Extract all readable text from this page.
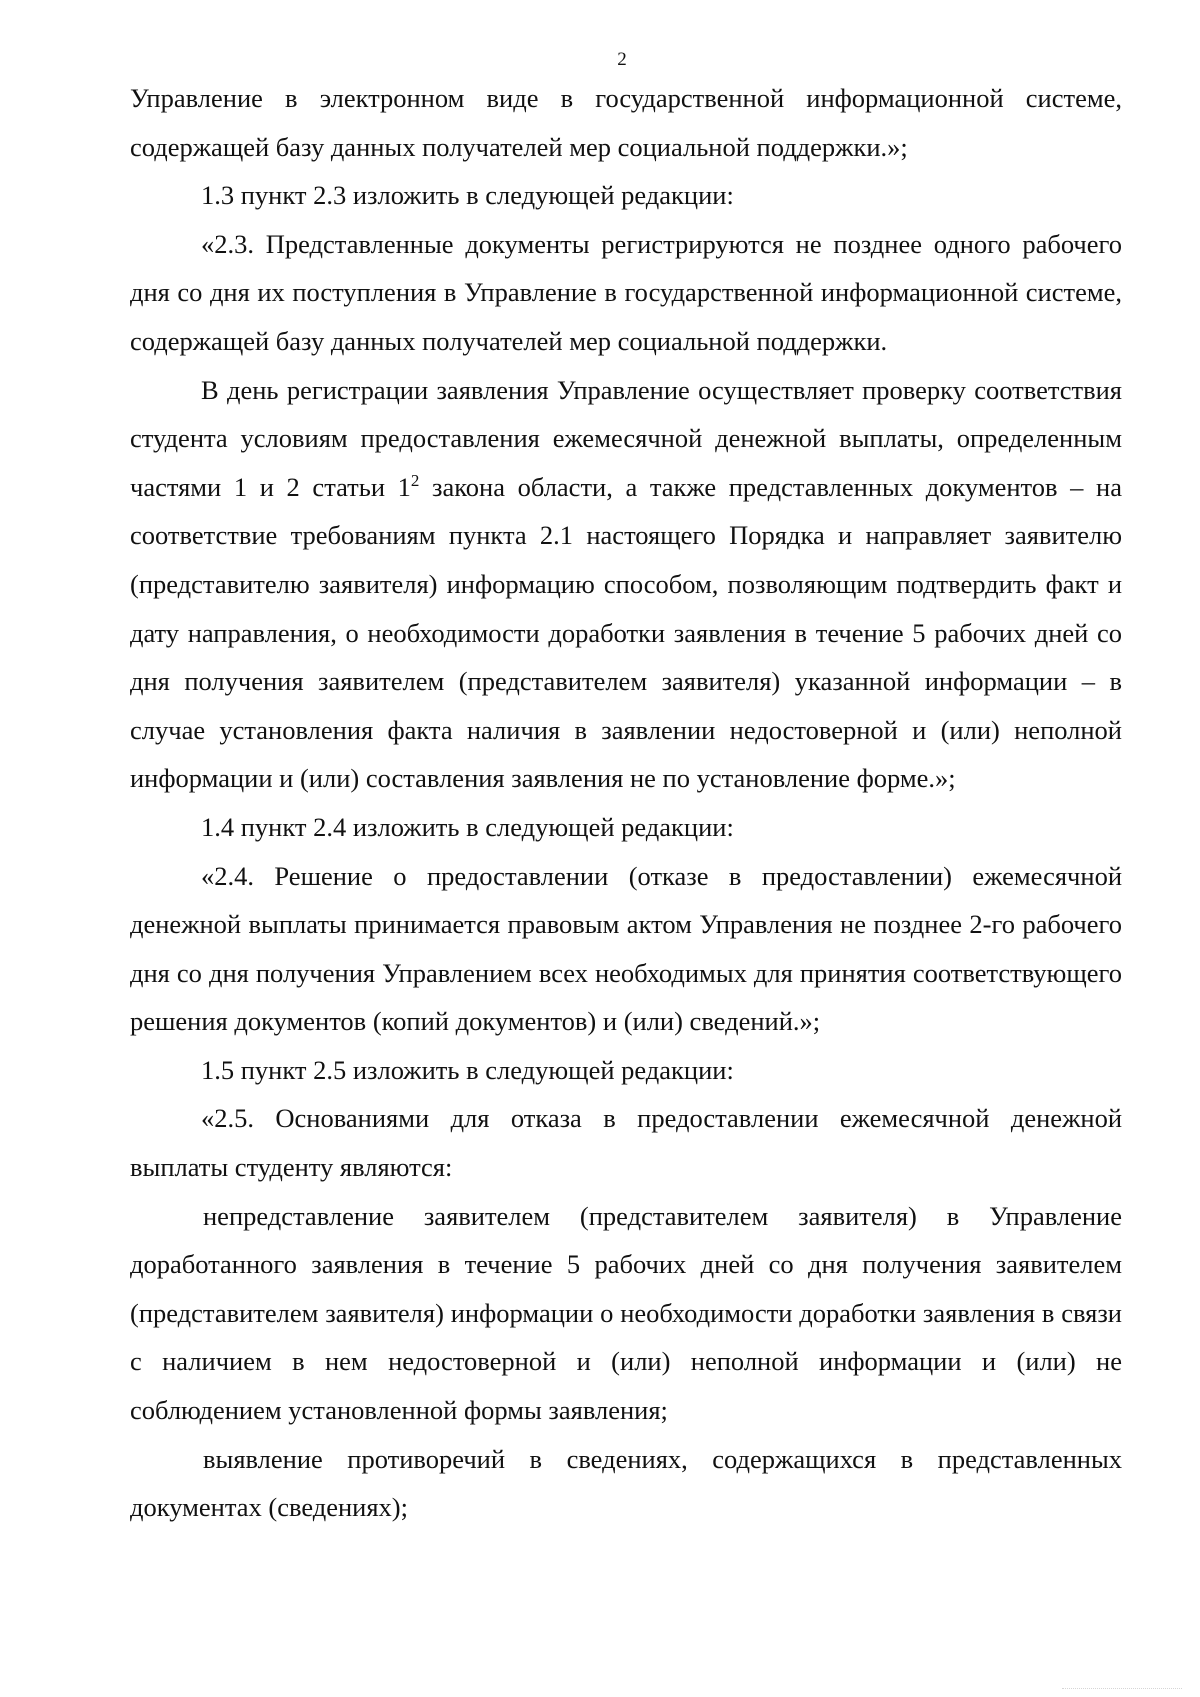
2

Управление в электронном виде в государственной информационной системе, содержащей базу данных получателей мер социальной поддержки.»;

1.3 пункт 2.3 изложить в следующей редакции:

«2.3. Представленные документы регистрируются не позднее одного рабочего дня со дня их поступления в Управление в государственной информационной системе, содержащей базу данных получателей мер социальной поддержки.

В день регистрации заявления Управление осуществляет проверку соответствия студента условиям предоставления ежемесячной денежной выплаты, определенным частями 1 и 2 статьи $1^2$ закона области, а также представленных документов – на соответствие требованиям пункта 2.1 настоящего Порядка и направляет заявителю (представителю заявителя) информацию способом, позволяющим подтвердить факт и дату направления, о необходимости доработки заявления в течение 5 рабочих дней со дня получения заявителем (представителем заявителя) указанной информации – в случае установления факта наличия в заявлении недостоверной и (или) неполной информации и (или) составления заявления не по установление форме.»;

1.4 пункт 2.4 изложить в следующей редакции:

«2.4. Решение о предоставлении (отказе в предоставлении) ежемесячной денежной выплаты принимается правовым актом Управления не позднее 2-го рабочего дня со дня получения Управлением всех необходимых для принятия соответствующего решения документов (копий документов) и (или) сведений.»;

1.5 пункт 2.5 изложить в следующей редакции:

«2.5. Основаниями для отказа в предоставлении ежемесячной денежной выплаты студенту являются:

непредставление заявителем (представителем заявителя) в Управление доработанного заявления в течение 5 рабочих дней со дня получения заявителем (представителем заявителя) информации о необходимости доработки заявления в связи с наличием в нем недостоверной и (или) неполной информации и (или) не соблюдением установленной формы заявления;

выявление противоречий в сведениях, содержащихся в представленных документах (сведениях);
